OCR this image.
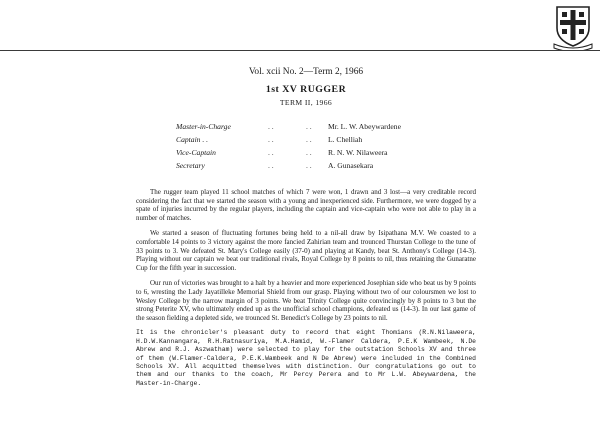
Vol. xcii No. 2—Term 2, 1966

1st XV RUGGER

TERM II, 1966

Master-in-Charge	. .	. .	Mr. L. W. Abeywardene
Captain . .	. .	. .	L. Chelliah
Vice-Captain	. .	. .	R. N. W. Nilaweera
Secretary	. .	. .	A. Gunasekara

The rugger team played 11 school matches of which 7 were won, 1 drawn and 3 lost—a very creditable record considering the fact that we started the season with a young and inexperienced side. Furthermore, we were dogged by a spate of injuries incurred by the regular players, including the captain and vice-captain who were not able to play in a number of matches.

We started a season of fluctuating fortunes being held to a nil-all draw by Isipathana M.V. We coasted to a comfortable 14 points to 3 victory against the more fancied Zahirian team and trounced Thurstan College to the tune of 33 points to 3. We defeated St. Mary's College easily (37-0) and playing at Kandy, beat St. Anthony's College (14-3). Playing without our captain we beat our traditional rivals, Royal College by 8 points to nil, thus retaining the Gunaratne Cup for the fifth year in succession.

Our run of victories was brought to a halt by a heavier and more experienced Josephian side who beat us by 9 points to 6, wresting the Lady Jayatilleke Memorial Shield from our grasp. Playing without two of our coloursmen we lost to Wesley College by the narrow margin of 3 points. We beat Trinity College quite convincingly by 8 points to 3 but the strong Peterite XV, who ultimately ended up as the unofficial school champions, defeated us (14-3). In our last game of the season fielding a depleted side, we trounced St. Benedict's College by 23 points to nil.

It is the chronicler's pleasant duty to record that eight Thomians (R.N.Nilaweera, H.D.W.Kannangara, R.H.Ratnasuriya, M.A.Hamid, W.-Flamer Caldera, P.E.K Wambeek, N.De Abrew and R.J. Aszwatham) were selected to play for the outstation Schools XV and three of them (W.Flamer-Caldera, P.E.K.Wambeek and N De Abrew) were included in the Combined Schools XV. All acquitted themselves with distinction. Our congratulations go out to them and our thanks to the coach, Mr Percy Perera and to Mr L.W. Abeywardena, the Master-in-Charge.
